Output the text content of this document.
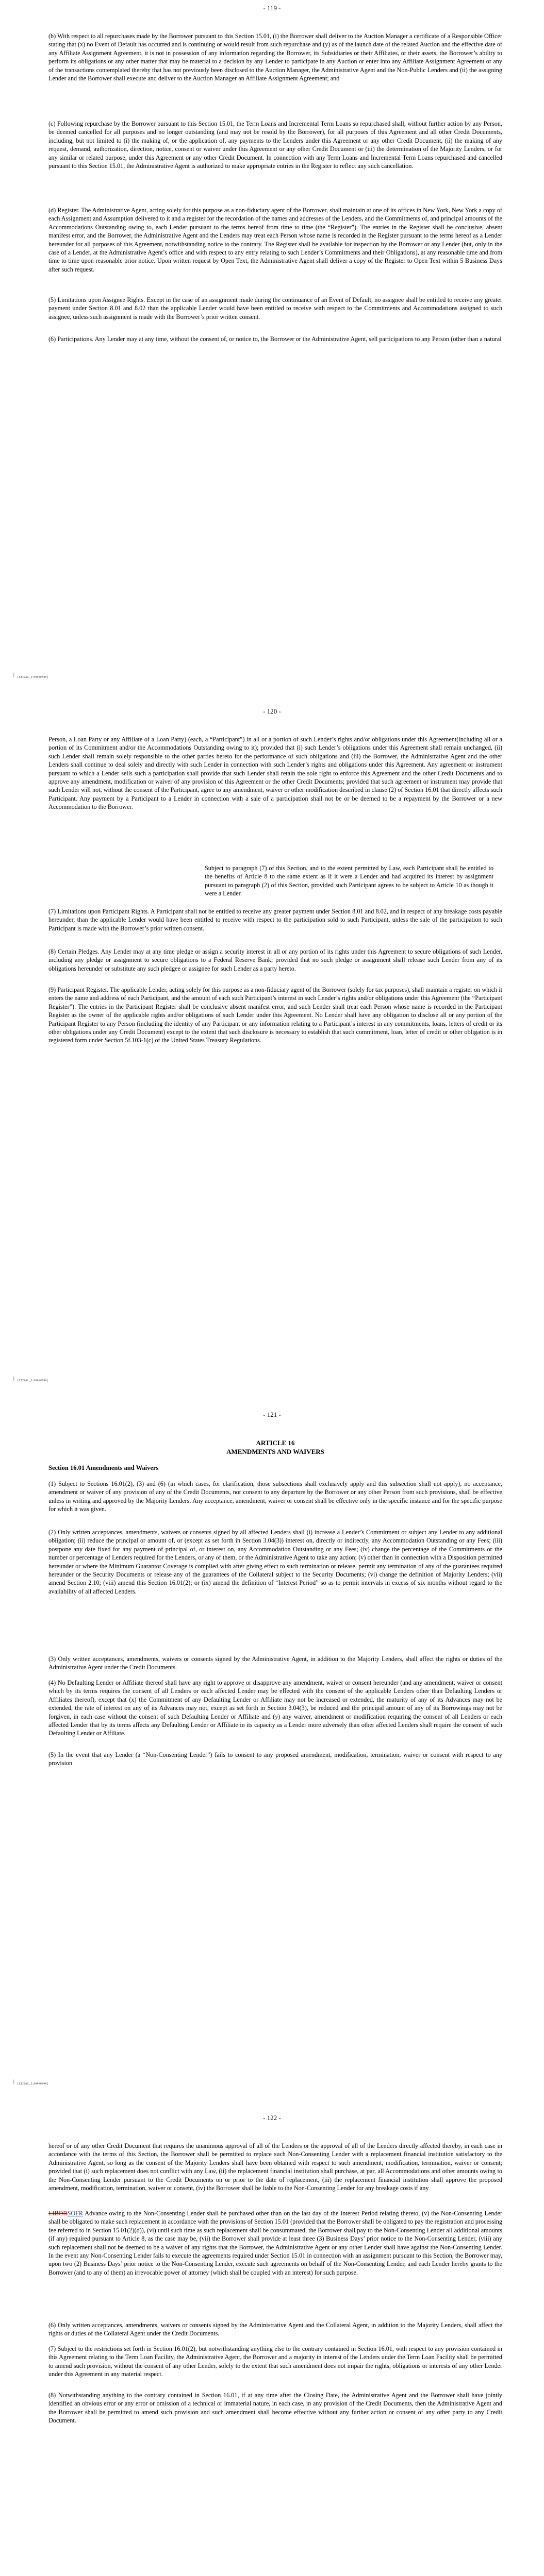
- 119 -

(b) With respect to all repurchases made by the Borrower pursuant to this Section 15.01, (i) the Borrower shall deliver to the Auction Manager a certificate of a Responsible Officer stating that (x) no Event of Default has occurred and is continuing or would result from such repurchase and (y) as of the launch date of the related Auction and the effective date of any Affiliate Assignment Agreement, it is not in possession of any information regarding the Borrower, its Subsidiaries or their Affiliates, or their assets, the Borrower’s ability to perform its obligations or any other matter that may be material to a decision by any Lender to participate in any Auction or enter into any Affiliate Assignment Agreement or any of the transactions contemplated thereby that has not previously been disclosed to the Auction Manager, the Administrative Agent and the Non-Public Lenders and (ii) the assigning Lender and the Borrower shall execute and deliver to the Auction Manager an Affiliate Assignment Agreement; and

(c) Following repurchase by the Borrower pursuant to this Section 15.01, the Term Loans and Incremental Term Loans so repurchased shall, without further action by any Person, be deemed cancelled for all purposes and no longer outstanding (and may not be resold by the Borrower), for all purposes of this Agreement and all other Credit Documents, including, but not limited to (i) the making of, or the application of, any payments to the Lenders under this Agreement or any other Credit Document, (ii) the making of any request, demand, authorization, direction, notice, consent or waiver under this Agreement or any other Credit Document or (iii) the determination of the Majority Lenders, or for any similar or related purpose, under this Agreement or any other Credit Document. In connection with any Term Loans and Incremental Term Loans repurchased and cancelled pursuant to this Section 15.01, the Administrative Agent is authorized to make appropriate entries in the Register to reflect any such cancellation.

(d) Register. The Administrative Agent, acting solely for this purpose as a non-fiduciary agent of the Borrower, shall maintain at one of its offices in New York, New York a copy of each Assignment and Assumption delivered to it and a register for the recordation of the names and addresses of the Lenders, and the Commitments of, and principal amounts of the Accommodations Outstanding owing to, each Lender pursuant to the terms hereof from time to time (the “Register”). The entries in the Register shall be conclusive, absent manifest error, and the Borrower, the Administrative Agent and the Lenders may treat each Person whose name is recorded in the Register pursuant to the terms hereof as a Lender hereunder for all purposes of this Agreement, notwithstanding notice to the contrary. The Register shall be available for inspection by the Borrower or any Lender (but, only in the case of a Lender, at the Administrative Agent’s office and with respect to any entry relating to such Lender’s Commitments and their Obligations), at any reasonable time and from time to time upon reasonable prior notice. Upon written request by Open Text, the Administrative Agent shall deliver a copy of the Register to Open Text within 5 Business Days after such request.

(5) Limitations upon Assignee Rights. Except in the case of an assignment made during the continuance of an Event of Default, no assignee shall be entitled to receive any greater payment under Section 8.01 and 8.02 than the applicable Lender would have been entitled to receive with respect to the Commitments and Accommodations assigned to such assignee, unless such assignment is made with the Borrower’s prior written consent.

(6) Participations. Any Lender may at any time, without the consent of, or notice to, the Borrower or the Administrative Agent, sell participations to any Person (other than a natural

| [LEGAL_1:########]
- 120 -

Person, a Loan Party or any Affiliate of a Loan Party) (each, a “Participant”) in all or a portion of such Lender’s rights and/or obligations under this Agreement(including all or a portion of its Commitment and/or the Accommodations Outstanding owing to it); provided that (i) such Lender’s obligations under this Agreement shall remain unchanged, (ii) such Lender shall remain solely responsible to the other parties hereto for the performance of such obligations and (iii) the Borrower, the Administrative Agent and the other Lenders shall continue to deal solely and directly with such Lender in connection with such Lender’s rights and obligations under this Agreement. Any agreement or instrument pursuant to which a Lender sells such a participation shall provide that such Lender shall retain the sole right to enforce this Agreement and the other Credit Documents and to approve any amendment, modification or waiver of any provision of this Agreement or the other Credit Documents; provided that such agreement or instrument may provide that such Lender will not, without the consent of the Participant, agree to any amendment, waiver or other modification described in clause (2) of Section 16.01 that directly affects such Participant. Any payment by a Participant to a Lender in connection with a sale of a participation shall not be or be deemed to be a repayment by the Borrower or a new Accommodation to the Borrower.

Subject to paragraph (7) of this Section, and to the extent permitted by Law, each Participant shall be entitled to the benefits of Article 8 to the same extent as if it were a Lender and had acquired its interest by assignment pursuant to paragraph (2) of this Section, provided such Participant agrees to be subject to Article 10 as though it were a Lender.

(7) Limitations upon Participant Rights. A Participant shall not be entitled to receive any greater payment under Section 8.01 and 8.02, and in respect of any breakage costs payable hereunder, than the applicable Lender would have been entitled to receive with respect to the participation sold to such Participant, unless the sale of the participation to such Participant is made with the Borrower’s prior written consent.

(8) Certain Pledges. Any Lender may at any time pledge or assign a security interest in all or any portion of its rights under this Agreement to secure obligations of such Lender, including any pledge or assignment to secure obligations to a Federal Reserve Bank; provided that no such pledge or assignment shall release such Lender from any of its obligations hereunder or substitute any such pledgee or assignee for such Lender as a party hereto.

(9) Participant Register. The applicable Lender, acting solely for this purpose as a non-fiduciary agent of the Borrower (solely for tax purposes), shall maintain a register on which it enters the name and address of each Participant, and the amount of each such Participant’s interest in such Lender’s rights and/or obligations under this Agreement (the “Participant Register”). The entries in the Participant Register shall be conclusive absent manifest error, and such Lender shall treat each Person whose name is recorded in the Participant Register as the owner of the applicable rights and/or obligations of such Lender under this Agreement. No Lender shall have any obligation to disclose all or any portion of the Participant Register to any Person (including the identity of any Participant or any information relating to a Participant’s interest in any commitments, loans, letters of credit or its other obligations under any Credit Document) except to the extent that such disclosure is necessary to establish that such commitment, loan, letter of credit or other obligation is in registered form under Section 5f.103-1(c) of the United States Treasury Regulations.

| [LEGAL_1:########]
- 121 -
ARTICLE 16
AMENDMENTS AND WAIVERS
Section 16.01 Amendments and Waivers

(1) Subject to Sections 16.01(2), (3) and (6) (in which cases, for clarification, those subsections shall exclusively apply and this subsection shall not apply), no acceptance, amendment or waiver of any provision of any of the Credit Documents, nor consent to any departure by the Borrower or any other Person from such provisions, shall be effective unless in writing and approved by the Majority Lenders. Any acceptance, amendment, waiver or consent shall be effective only in the specific instance and for the specific purpose for which it was given.

(2) Only written acceptances, amendments, waivers or consents signed by all affected Lenders shall (i) increase a Lender’s Commitment or subject any Lender to any additional obligation; (ii) reduce the principal or amount of, or (except as set forth in Section 3.04(3)) interest on, directly or indirectly, any Accommodation Outstanding or any Fees; (iii) postpone any date fixed for any payment of principal of, or interest on, any Accommodation Outstanding or any Fees; (iv) change the percentage of the Commitments or the number or percentage of Lenders required for the Lenders, or any of them, or the Administrative Agent to take any action; (v) other than in connection with a Disposition permitted hereunder or where the Minimum Guarantor Coverage is complied with after giving effect to such termination or release, permit any termination of any of the guarantees required hereunder or the Security Documents or release any of the guarantees of the Collateral subject to the Security Documents; (vi) change the definition of Majority Lenders; (vii) amend Section 2.10; (viii) amend this Section 16.01(2); or (ix) amend the definition of “Interest Period” so as to permit intervals in excess of six months without regard to the availability of all affected Lenders.

(3) Only written acceptances, amendments, waivers or consents signed by the Administrative Agent, in addition to the Majority Lenders, shall affect the rights or duties of the Administrative Agent under the Credit Documents.

(4) No Defaulting Lender or Affiliate thereof shall have any right to approve or disapprove any amendment, waiver or consent hereunder (and any amendment, waiver or consent which by its terms requires the consent of all Lenders or each affected Lender may be effected with the consent of the applicable Lenders other than Defaulting Lenders or Affiliates thereof), except that (x) the Commitment of any Defaulting Lender or Affiliate may not be increased or extended, the maturity of any of its Advances may not be extended, the rate of interest on any of its Advances may not, except as set forth in Section 3.04(3), be reduced and the principal amount of any of its Borrowings may not be forgiven, in each case without the consent of such Defaulting Lender or Affiliate and (y) any waiver, amendment or modification requiring the consent of all Lenders or each affected Lender that by its terms affects any Defaulting Lender or Affiliate in its capacity as a Lender more adversely than other affected Lenders shall require the consent of such Defaulting Lender or Affiliate.

(5) In the event that any Lender (a “Non-Consenting Lender”) fails to consent to any proposed amendment, modification, termination, waiver or consent with respect to any provision

| [LEGAL_1:########]
- 122 -

hereof or of any other Credit Document that requires the unanimous approval of all of the Lenders or the approval of all of the Lenders directly affected thereby, in each case in accordance with the terms of this Section, the Borrower shall be permitted to replace such Non-Consenting Lender with a replacement financial institution satisfactory to the Administrative Agent, so long as the consent of the Majority Lenders shall have been obtained with respect to such amendment, modification, termination, waiver or consent; provided that (i) such replacement does not conflict with any Law, (ii) the replacement financial institution shall purchase, at par, all Accommodations and other amounts owing to the Non-Consenting Lender pursuant to the Credit Documents on or prior to the date of replacement, (iii) the replacement financial institution shall approve the proposed amendment, modification, termination, waiver or consent, (iv) the Borrower shall be liable to the Non-Consenting Lender for any breakage costs if any

LIBORSOFR Advance owing to the Non-Consenting Lender shall be purchased other than on the last day of the Interest Period relating thereto, (v) the Non-Consenting Lender shall be obligated to make such replacement in accordance with the provisions of Section 15.01 (provided that the Borrower shall be obligated to pay the registration and processing fee referred to in Section 15.01(2)(d)), (vi) until such time as such replacement shall be consummated, the Borrower shall pay to the Non-Consenting Lender all additional amounts (if any) required pursuant to Article 8, as the case may be, (vii) the Borrower shall provide at least three (3) Business Days’ prior notice to the Non-Consenting Lender, (viii) any such replacement shall not be deemed to be a waiver of any rights that the Borrower, the Administrative Agent or any other Lender shall have against the Non-Consenting Lender. In the event any Non-Consenting Lender fails to execute the agreements required under Section 15.01 in connection with an assignment pursuant to this Section, the Borrower may, upon two (2) Business Days’ prior notice to the Non-Consenting Lender, execute such agreements on behalf of the Non-Consenting Lender, and each Lender hereby grants to the Borrower (and to any of them) an irrevocable power of attorney (which shall be coupled with an interest) for such purpose.

(6) Only written acceptances, amendments, waivers or consents signed by the Administrative Agent and the Collateral Agent, in addition to the Majority Lenders, shall affect the rights or duties of the Collateral Agent under the Credit Documents.

(7) Subject to the restrictions set forth in Section 16.01(2), but notwithstanding anything else to the contrary contained in Section 16.01, with respect to any provision contained in this Agreement relating to the Term Loan Facility, the Administrative Agent, the Borrower and a majority in interest of the Lenders under the Term Loan Facility shall be permitted to amend such provision, without the consent of any other Lender, solely to the extent that such amendment does not impair the rights, obligations or interests of any other Lender under this Agreement in any material respect.

(8) Notwithstanding anything to the contrary contained in Section 16.01, if at any time after the Closing Date, the Administrative Agent and the Borrower shall have jointly identified an obvious error or any error or omission of a technical or immaterial nature, in each case, in any provision of the Credit Documents, then the Administrative Agent and the Borrower shall be permitted to amend such provision and such amendment shall become effective without any further action or consent of any other party to any Credit Document.
